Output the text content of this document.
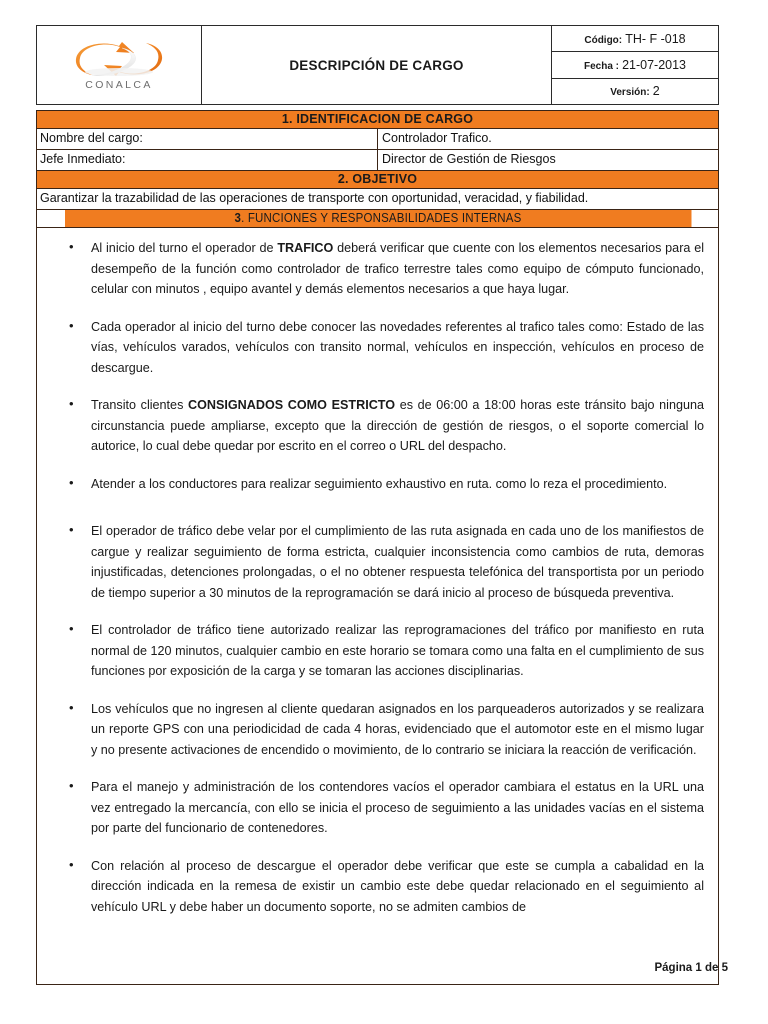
CONALCA
	DESCRIPCIÓN DE CARGO	Código: TH- F -018
Fecha : 21-07-2013
Versión: 2
1. IDENTIFICACION DE CARGO	
Nombre del cargo:	Controlador Trafico.
Jefe Inmediato:	Director de Gestión de Riesgos
2. OBJETIVO	
Garantizar la trazabilidad de las operaciones de transporte con oportunidad, veracidad, y fiabilidad.	
3. FUNCIONES Y RESPONSABILIDADES INTERNAS	

• Al inicio del turno el operador de TRAFICO deberá verificar que cuente con los elementos necesarios para el desempeño de la función como controlador de trafico terrestre tales como equipo de cómputo funcionado, celular con minutos , equipo avantel y demás elementos necesarios a que haya lugar.
• Cada operador al inicio del turno debe conocer las novedades referentes al trafico tales como: Estado de las vías, vehículos varados, vehículos con transito normal, vehículos en inspección, vehículos en proceso de descargue.
• Transito clientes CONSIGNADOS COMO ESTRICTO es de 06:00 a 18:00 horas este tránsito bajo ninguna circunstancia puede ampliarse, excepto que la dirección de gestión de riesgos, o el soporte comercial lo autorice, lo cual debe quedar por escrito en el correo o URL del despacho.
• Atender a los conductores para realizar seguimiento exhaustivo en ruta. como lo reza el procedimiento.
• El operador de tráfico debe velar por el cumplimiento de las ruta asignada en cada uno de los manifiestos de cargue y realizar seguimiento de forma estricta, cualquier inconsistencia como cambios de ruta, demoras injustificadas, detenciones prolongadas, o el no obtener respuesta telefónica del transportista por un periodo de tiempo superior a 30 minutos de la reprogramación se dará inicio al proceso de búsqueda preventiva.
• El controlador de tráfico tiene autorizado realizar las reprogramaciones del tráfico por manifiesto en ruta normal de 120 minutos, cualquier cambio en este horario se tomara como una falta en el cumplimiento de sus funciones por exposición de la carga y se tomaran las acciones disciplinarias.
• Los vehículos que no ingresen al cliente quedaran asignados en los parqueaderos autorizados y se realizara un reporte GPS con una periodicidad de cada 4 horas, evidenciado que el automotor este en el mismo lugar y no presente activaciones de encendido o movimiento, de lo contrario se iniciara la reacción de verificación.
• Para el manejo y administración de los contendores vacíos el operador cambiara el estatus en la URL una vez entregado la mercancía, con ello se inicia el proceso de seguimiento a las unidades vacías en el sistema por parte del funcionario de contenedores.
• Con relación al proceso de descargue el operador debe verificar que este se cumpla a cabalidad en la dirección indicada en la remesa de existir un cambio este debe quedar relacionado en el seguimiento al vehículo URL y debe haber un documento soporte, no se admiten cambios de
Página 1 de 5
